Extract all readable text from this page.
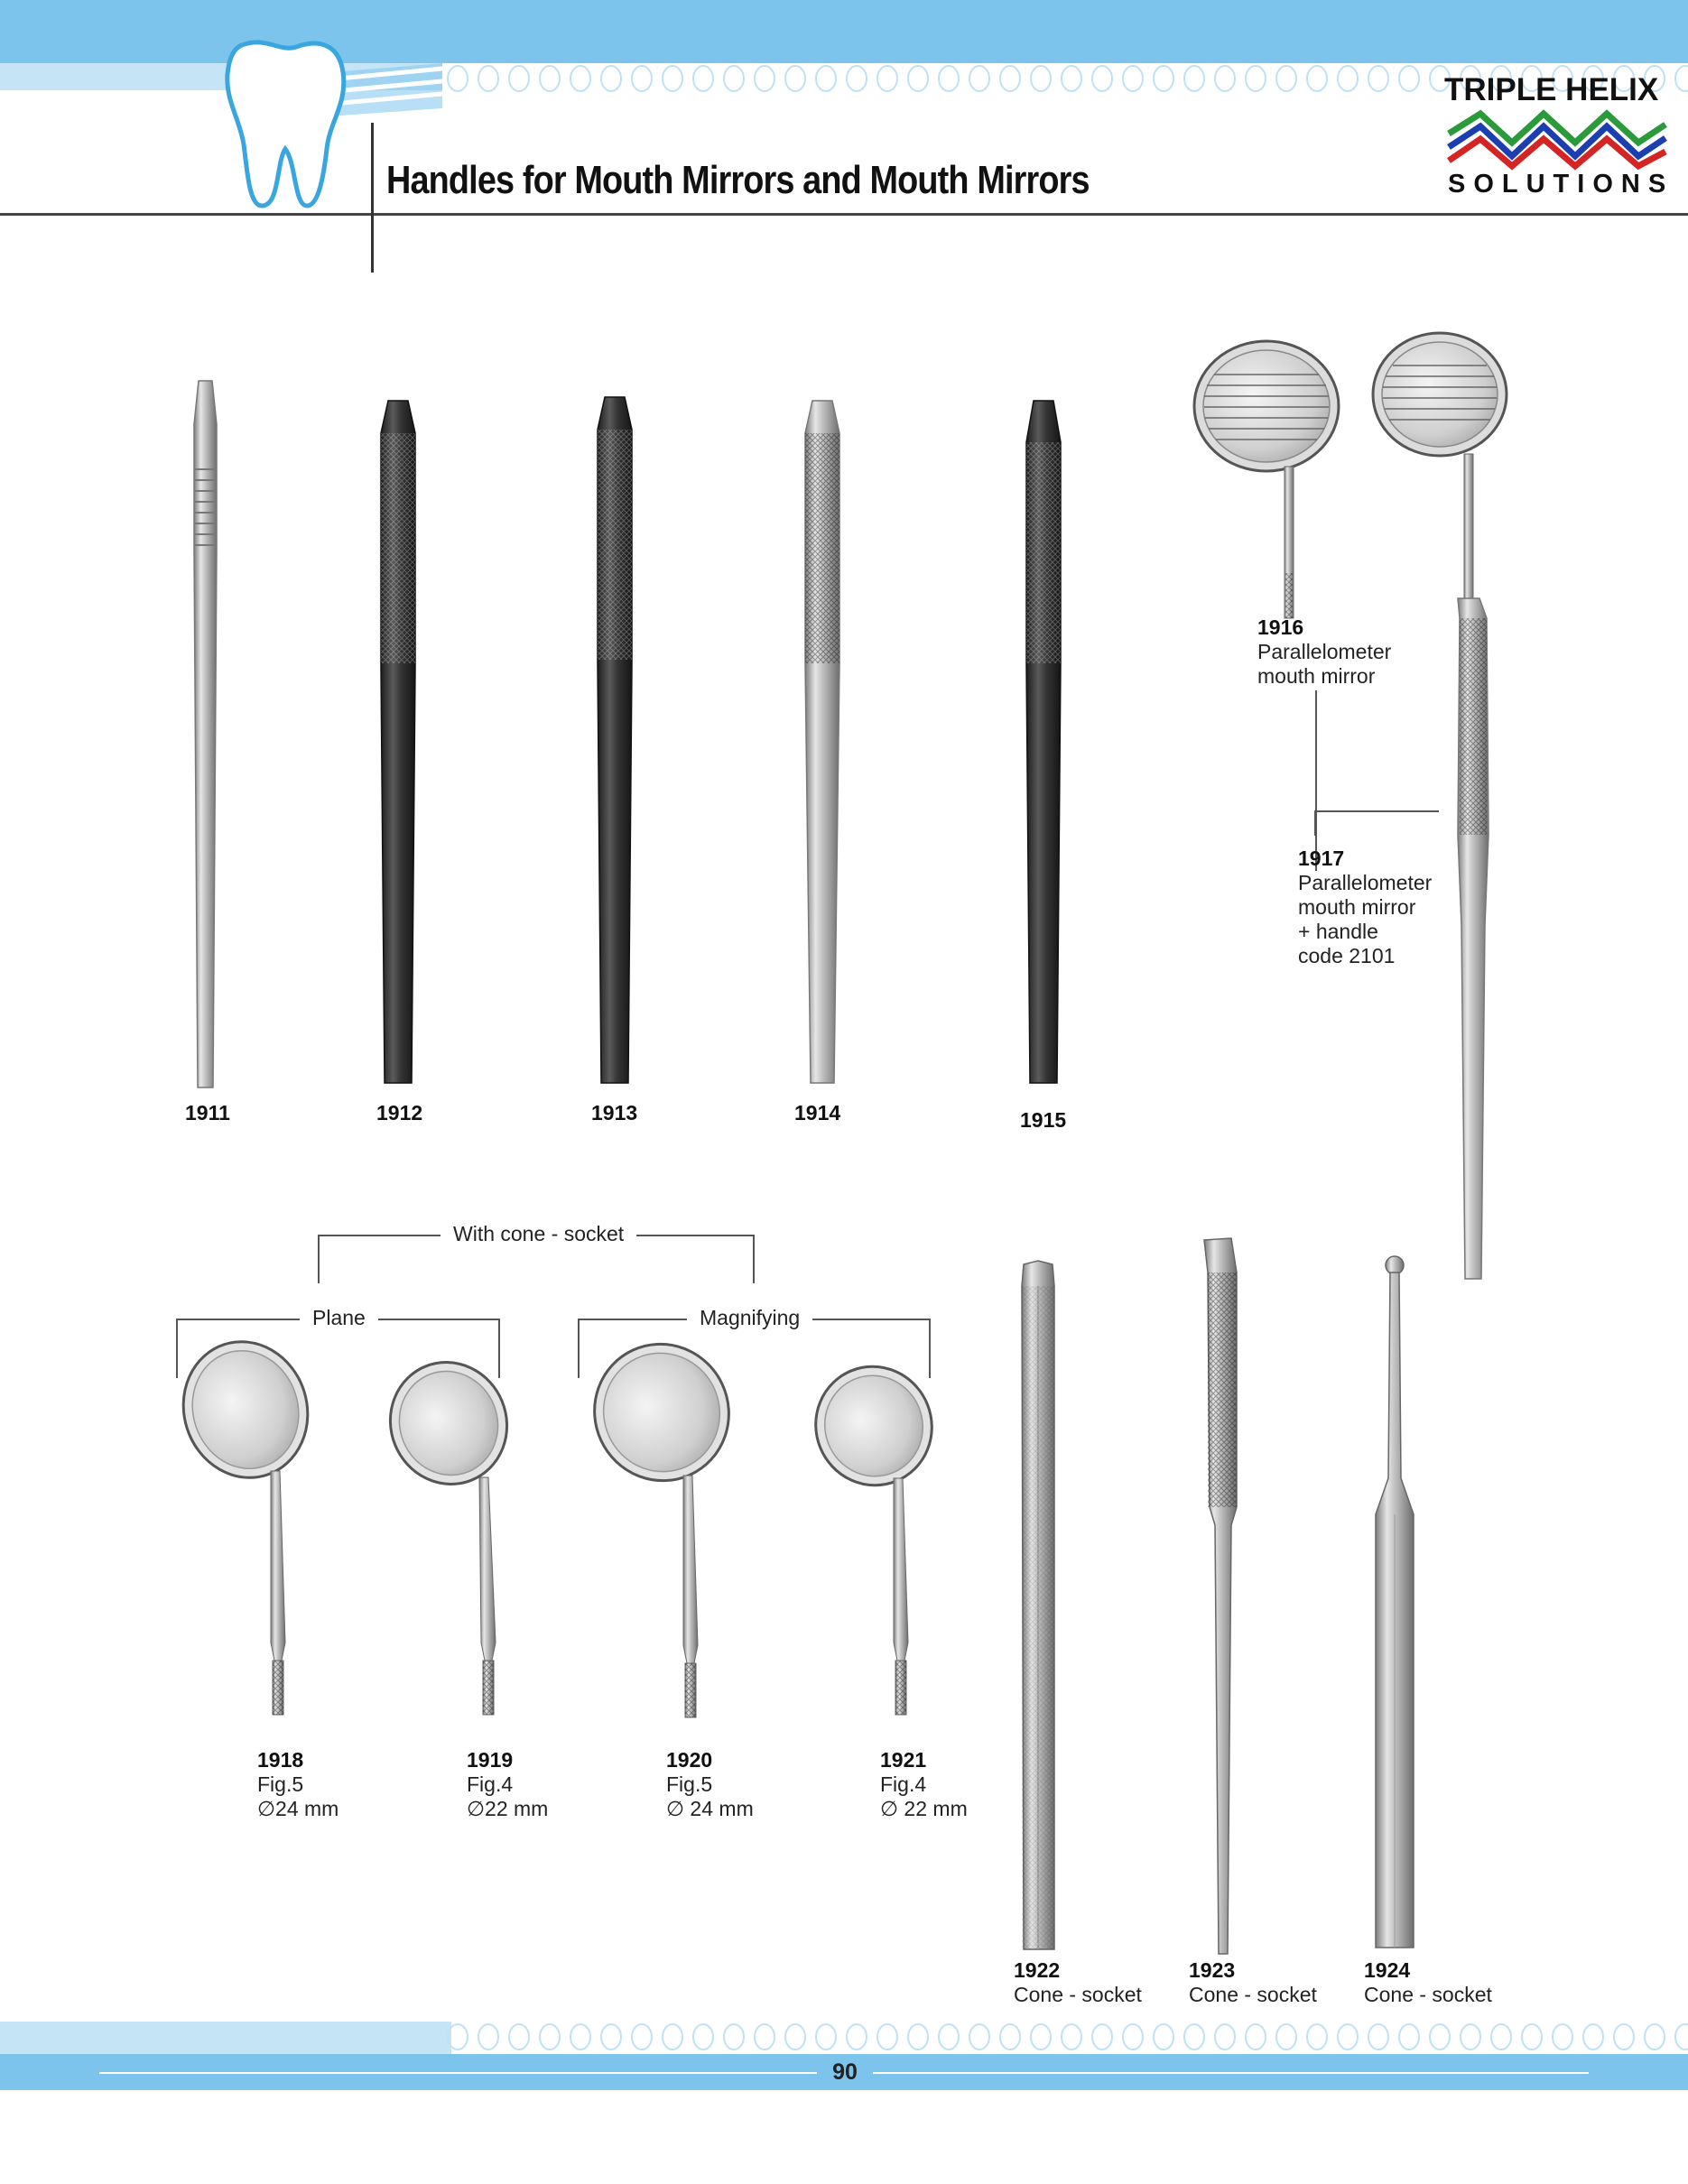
Handles for Mouth Mirrors and Mouth Mirrors
TRIPLE HELIX
SOLUTIONS
1911	1912	1913	1914	1915
1916
Parallelometer
mouth mirror
1917
Parallelometer
mouth mirror
+ handle
code 2101
With cone - socket
Plane	Magnifying
1918
Fig.5
∅24 mm
1919
Fig.4
∅22 mm
1920
Fig.5
∅ 24 mm
1921
Fig.4
∅ 22 mm
1922
Cone - socket
1923
Cone - socket
1924
Cone - socket
90
